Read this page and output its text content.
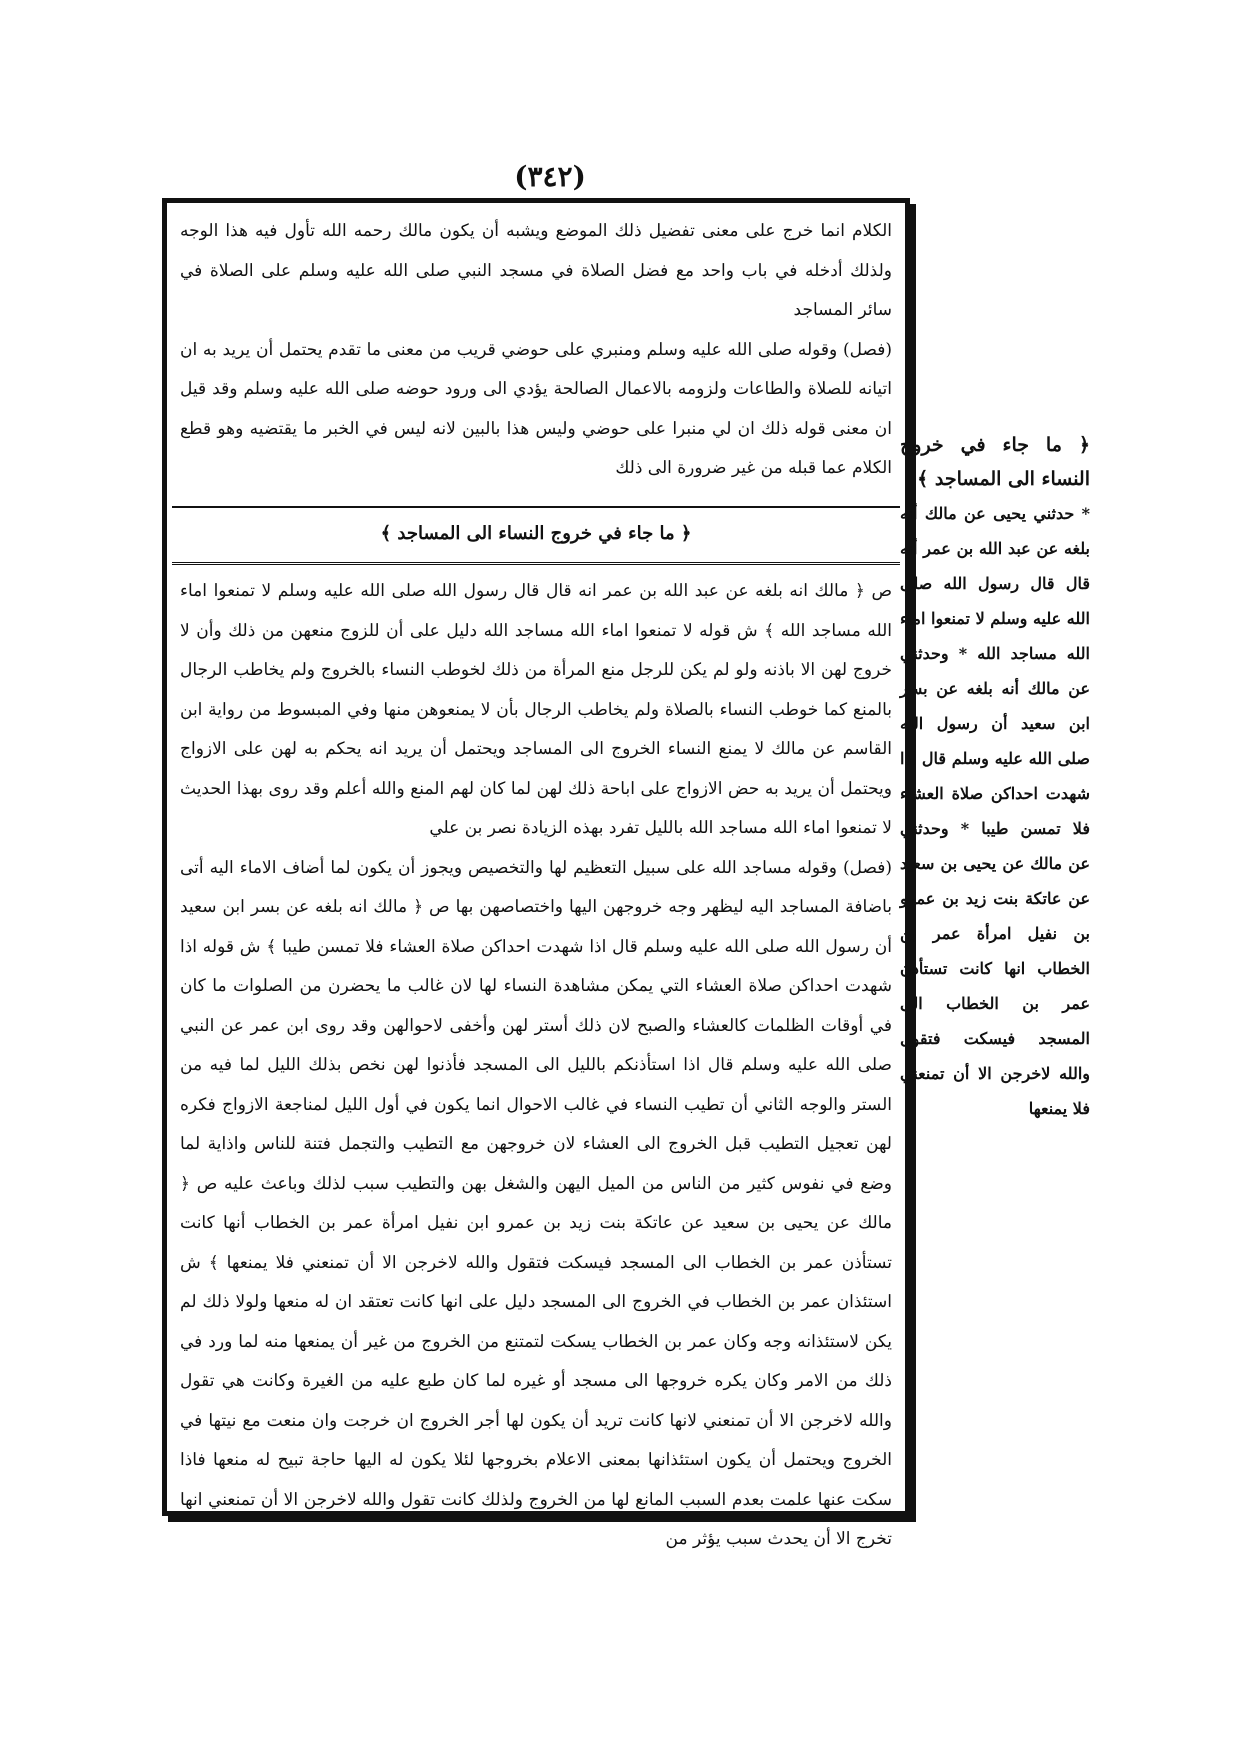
(٣٤٢)

الكلام انما خرج على معنى تفضيل ذلك الموضع ويشبه أن يكون مالك رحمه الله تأول فيه هذا الوجه ولذلك أدخله في باب واحد مع فضل الصلاة في مسجد النبي صلى الله عليه وسلم على الصلاة في سائر المساجد

(فصل) وقوله صلى الله عليه وسلم ومنبري على حوضي قريب من معنى ما تقدم يحتمل أن يريد به ان اتيانه للصلاة والطاعات ولزومه بالاعمال الصالحة يؤدي الى ورود حوضه صلى الله عليه وسلم وقد قيل ان معنى قوله ذلك ان لي منبرا على حوضي وليس هذا بالبين لانه ليس في الخبر ما يقتضيه وهو قطع الكلام عما قبله من غير ضرورة الى ذلك

﴿ ما جاء في خروج النساء الى المساجد ﴾

ص ﴿ مالك انه بلغه عن عبد الله بن عمر انه قال قال رسول الله صلى الله عليه وسلم لا تمنعوا اماء الله مساجد الله ﴾ ش قوله لا تمنعوا اماء الله مساجد الله دليل على أن للزوج منعهن من ذلك وأن لا خروج لهن الا باذنه ولو لم يكن للرجل منع المرأة من ذلك لخوطب النساء بالخروج ولم يخاطب الرجال بالمنع كما خوطب النساء بالصلاة ولم يخاطب الرجال بأن لا يمنعوهن منها وفي المبسوط من رواية ابن القاسم عن مالك لا يمنع النساء الخروج الى المساجد ويحتمل أن يريد انه يحكم به لهن على الازواج ويحتمل أن يريد به حض الازواج على اباحة ذلك لهن لما كان لهم المنع والله أعلم وقد روى بهذا الحديث لا تمنعوا اماء الله مساجد الله بالليل تفرد بهذه الزيادة نصر بن علي

(فصل) وقوله مساجد الله على سبيل التعظيم لها والتخصيص ويجوز أن يكون لما أضاف الاماء اليه أتى باضافة المساجد اليه ليظهر وجه خروجهن اليها واختصاصهن بها ص ﴿ مالك انه بلغه عن بسر ابن سعيد أن رسول الله صلى الله عليه وسلم قال اذا شهدت احداكن صلاة العشاء فلا تمسن طيبا ﴾ ش قوله اذا شهدت احداكن صلاة العشاء التي يمكن مشاهدة النساء لها لان غالب ما يحضرن من الصلوات ما كان في أوقات الظلمات كالعشاء والصبح لان ذلك أستر لهن وأخفى لاحوالهن وقد روى ابن عمر عن النبي صلى الله عليه وسلم قال اذا استأذنكم بالليل الى المسجد فأذنوا لهن نخص بذلك الليل لما فيه من الستر والوجه الثاني أن تطيب النساء في غالب الاحوال انما يكون في أول الليل لمناجعة الازواج فكره لهن تعجيل التطيب قبل الخروج الى العشاء لان خروجهن مع التطيب والتجمل فتنة للناس واذاية لما وضع في نفوس كثير من الناس من الميل اليهن والشغل بهن والتطيب سبب لذلك وباعث عليه ص ﴿ مالك عن يحيى بن سعيد عن عاتكة بنت زيد بن عمرو ابن نفيل امرأة عمر بن الخطاب أنها كانت تستأذن عمر بن الخطاب الى المسجد فيسكت فتقول والله لاخرجن الا أن تمنعني فلا يمنعها ﴾ ش استئذان عمر بن الخطاب في الخروج الى المسجد دليل على انها كانت تعتقد ان له منعها ولولا ذلك لم يكن لاستئذانه وجه وكان عمر بن الخطاب يسكت لتمتنع من الخروج من غير أن يمنعها منه لما ورد في ذلك من الامر وكان يكره خروجها الى مسجد أو غيره لما كان طبع عليه من الغيرة وكانت هي تقول والله لاخرجن الا أن تمنعني لانها كانت تريد أن يكون لها أجر الخروج ان خرجت وان منعت مع نيتها في الخروج ويحتمل أن يكون استئذانها بمعنى الاعلام بخروجها لئلا يكون له اليها حاجة تبيح له منعها فاذا سكت عنها علمت بعدم السبب المانع لها من الخروج ولذلك كانت تقول والله لاخرجن الا أن تمنعني انها تخرج الا أن يحدث سبب يؤثر من

﴿ ما جاء في خروج النساء الى المساجد ﴾

* حدثني يحيى عن مالك أنه بلغه عن عبد الله بن عمر أنه قال قال رسول الله صلى الله عليه وسلم لا تمنعوا اماء الله مساجد الله * وحدثني عن مالك أنه بلغه عن بسر ابن سعيد أن رسول الله صلى الله عليه وسلم قال اذا شهدت احداكن صلاة العشاء فلا تمسن طيبا * وحدثني عن مالك عن يحيى بن سعيد عن عاتكة بنت زيد بن عمرو بن نفيل امرأة عمر بن الخطاب انها كانت تستأذن عمر بن الخطاب الى المسجد فيسكت فتقول والله لاخرجن الا أن تمنعني فلا يمنعها
